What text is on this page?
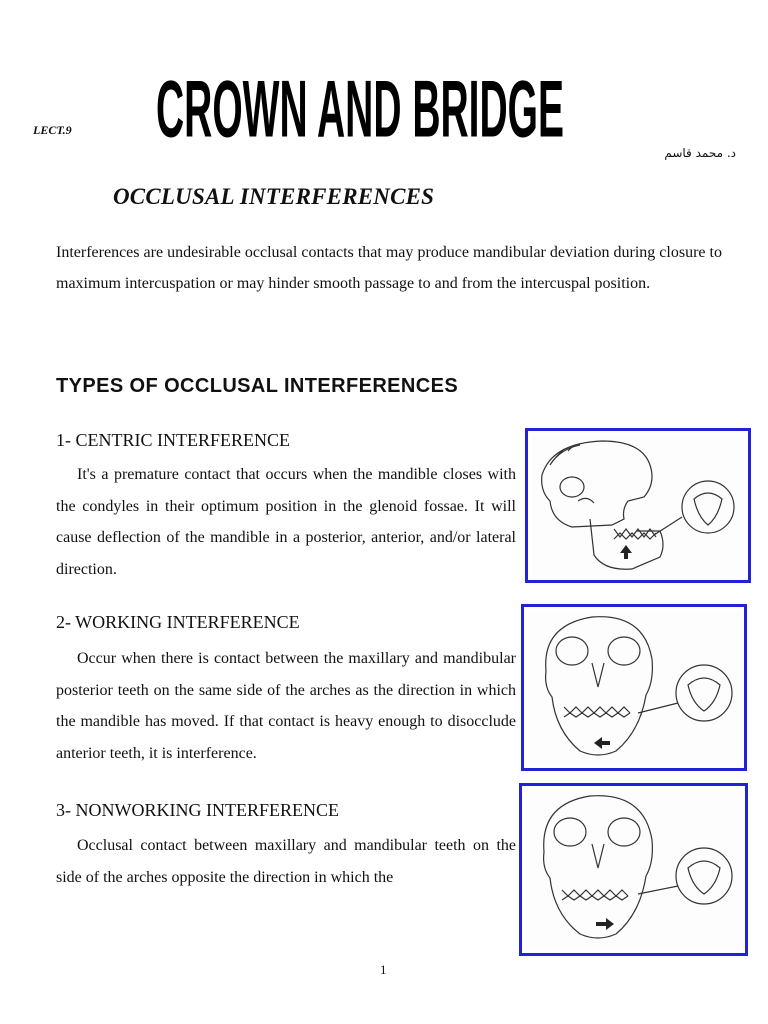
LECT.9 CROWN AND BRIDGE	د. محمد قاسم
OCCLUSAL INTERFERENCES
Interferences are undesirable occlusal contacts that may produce mandibular deviation during closure to maximum intercuspation or may hinder smooth passage to and from the intercuspal position.
TYPES OF OCCLUSAL INTERFERENCES
1- CENTRIC INTERFERENCE
It's a premature contact that occurs when the mandible closes with the condyles in their optimum position in the glenoid fossae. It will cause deflection of the mandible in a posterior, anterior, and/or lateral direction.
2- WORKING INTERFERENCE
Occur when there is contact between the maxillary and mandibular posterior teeth on the same side of the arches as the direction in which the mandible has moved. If that contact is heavy enough to disocclude anterior teeth, it is interference.
3- NONWORKING INTERFERENCE
Occlusal contact between maxillary and mandibular teeth on the side of the arches opposite the direction in which the
1
